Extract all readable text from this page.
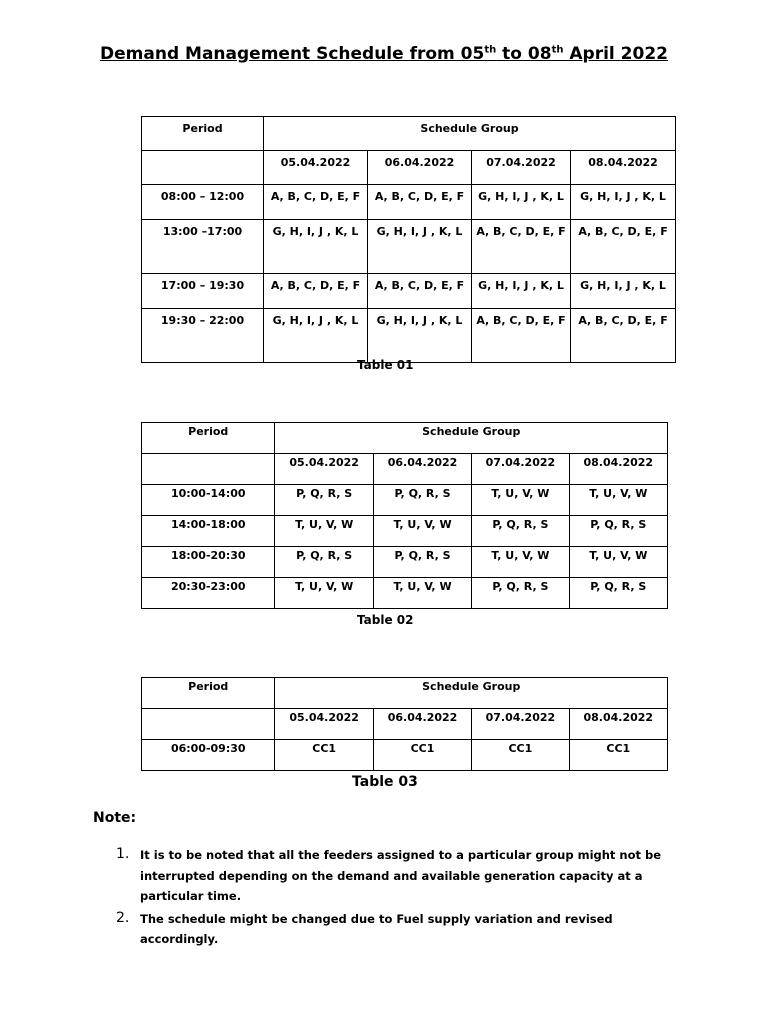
Demand Management Schedule from 05th to 08th April 2022
Period	Schedule Group			
	05.04.2022	06.04.2022	07.04.2022	08.04.2022
08:00 – 12:00	A, B, C, D, E, F	A, B, C, D, E, F	G, H, I, J , K, L	G, H, I, J , K, L
13:00 –17:00	G, H, I, J , K, L	G, H, I, J , K, L	A, B, C, D, E, F	A, B, C, D, E, F
17:00 – 19:30	A, B, C, D, E, F	A, B, C, D, E, F	G, H, I, J , K, L	G, H, I, J , K, L
19:30 – 22:00	G, H, I, J , K, L	G, H, I, J , K, L	A, B, C, D, E, F	A, B, C, D, E, F
Table 01
Period	Schedule Group			
	05.04.2022	06.04.2022	07.04.2022	08.04.2022
10:00-14:00	P, Q, R, S	P, Q, R, S	T, U, V, W	T, U, V, W
14:00-18:00	T, U, V, W	T, U, V, W	P, Q, R, S	P, Q, R, S
18:00-20:30	P, Q, R, S	P, Q, R, S	T, U, V, W	T, U, V, W
20:30-23:00	T, U, V, W	T, U, V, W	P, Q, R, S	P, Q, R, S
Table 02
Period	Schedule Group			
	05.04.2022	06.04.2022	07.04.2022	08.04.2022
06:00-09:30	CC1	CC1	CC1	CC1
Table 03
Note:
1. It is to be noted that all the feeders assigned to a particular group might not be interrupted depending on the demand and available generation capacity at a particular time.
2. The schedule might be changed due to Fuel supply variation and revised accordingly.
